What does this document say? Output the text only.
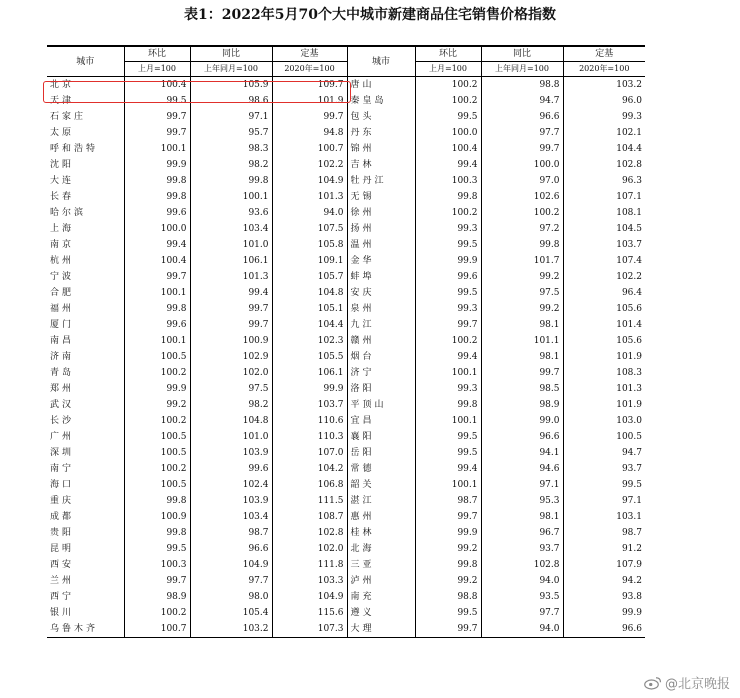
表1：2022年5月70个大中城市新建商品住宅销售价格指数
城市	环比	同比	定基	城市	环比	同比	定基
	上月=100	上年同月=100	2020年=100		上月=100	上年同月=100	2020年=100
北京	100.4	105.9	109.7	唐山	100.2	98.8	103.2
天津	99.5	98.6	101.9	秦皇岛	100.2	94.7	96.0
石家庄	99.7	97.1	99.7	包头	99.5	96.6	99.3
太原	99.7	95.7	94.8	丹东	100.0	97.7	102.1
呼和浩特	100.1	98.3	100.7	锦州	100.4	99.7	104.4
沈阳	99.9	98.2	102.2	吉林	99.4	100.0	102.8
大连	99.8	99.8	104.9	牡丹江	100.3	97.0	96.3
长春	99.8	100.1	101.3	无锡	99.8	102.6	107.1
哈尔滨	99.6	93.6	94.0	徐州	100.2	100.2	108.1
上海	100.0	103.4	107.5	扬州	99.3	97.2	104.5
南京	99.4	101.0	105.8	温州	99.5	99.8	103.7
杭州	100.4	106.1	109.1	金华	99.9	101.7	107.4
宁波	99.7	101.3	105.7	蚌埠	99.6	99.2	102.2
合肥	100.1	99.4	104.8	安庆	99.5	97.5	96.4
福州	99.8	99.7	105.1	泉州	99.3	99.2	105.6
厦门	99.6	99.7	104.4	九江	99.7	98.1	101.4
南昌	100.1	100.9	102.3	赣州	100.2	101.1	105.6
济南	100.5	102.9	105.5	烟台	99.4	98.1	101.9
青岛	100.2	102.0	106.1	济宁	100.1	99.7	108.3
郑州	99.9	97.5	99.9	洛阳	99.3	98.5	101.3
武汉	99.2	98.2	103.7	平顶山	99.8	98.9	101.9
长沙	100.2	104.8	110.6	宜昌	100.1	99.0	103.0
广州	100.5	101.0	110.3	襄阳	99.5	96.6	100.5
深圳	100.5	103.9	107.0	岳阳	99.5	94.1	94.7
南宁	100.2	99.6	104.2	常德	99.4	94.6	93.7
海口	100.5	102.4	106.8	韶关	100.1	97.1	99.5
重庆	99.8	103.9	111.5	湛江	98.7	95.3	97.1
成都	100.9	103.4	108.7	惠州	99.7	98.1	103.1
贵阳	99.8	98.7	102.8	桂林	99.9	96.7	98.7
昆明	99.5	96.6	102.0	北海	99.2	93.7	91.2
西安	100.3	104.9	111.8	三亚	99.8	102.8	107.9
兰州	99.7	97.7	103.3	泸州	99.2	94.0	94.2
西宁	98.9	98.0	104.9	南充	98.8	93.5	93.8
银川	100.2	105.4	115.6	遵义	99.5	97.7	99.9
乌鲁木齐	100.7	103.2	107.3	大理	99.7	94.0	96.6
@北京晚报
